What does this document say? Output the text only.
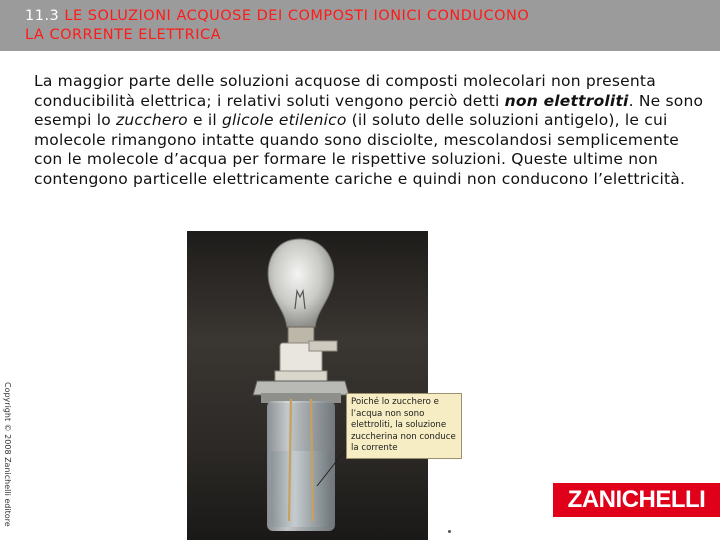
11.3 LE SOLUZIONI ACQUOSE DEI COMPOSTI IONICI CONDUCONO
LA CORRENTE ELETTRICA
La maggior parte delle soluzioni acquose di composti molecolari non presenta conducibilità elettrica; i relativi soluti vengono perciò detti non elettroliti. Ne sono esempi lo zucchero e il glicole etilenico (il soluto delle soluzioni antigelo), le cui molecole rimangono intatte quando sono disciolte, mescolandosi semplicemente con le molecole d’acqua per formare le rispettive soluzioni. Queste ultime non contengono particelle elettricamente cariche e quindi non conducono l’elettricità.
Poiché lo zucchero e l’acqua non sono elettroliti, la soluzione zuccherina non conduce la corrente
Copyright © 2008 Zanichelli editore	ZANICHELLI
